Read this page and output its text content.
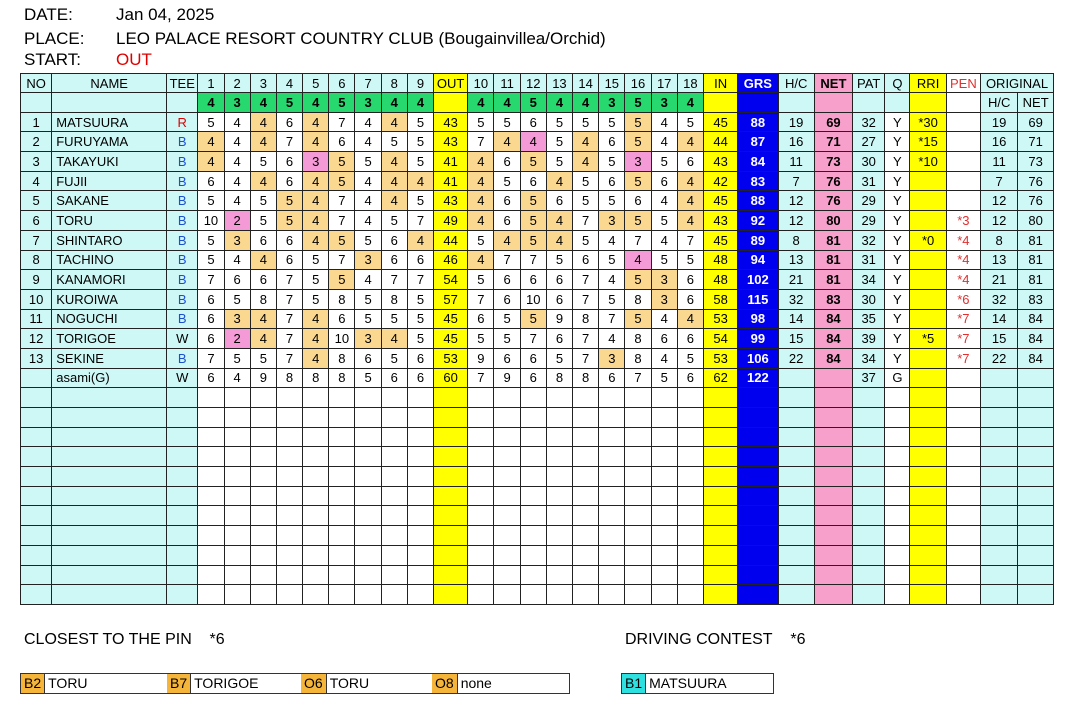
DATE:	Jan 04, 2025
PLACE: LEO PALACE RESORT COUNTRY CLUB (Bougainvillea/Orchid)
START: OUT
NO	NAME	TEE	1	2	3	4	5	6	7	8	9	OUT	10	11	12	13	14	15	16	17	18	IN	GRS	H/C	NET	PAT	Q	RRI	PEN	ORIGINAL	
			4	3	4	5	4	5	3	4	4		4	4	5	4	4	3	5	3	4									H/C	NET
1	MATSUURA	R	5	4	4	6	4	7	4	4	5	43	5	5	6	5	5	5	5	4	5	45	88	19	69	32	Y	*30		19	69
2	FURUYAMA	B	4	4	4	7	4	6	4	5	5	43	7	4	4	5	4	6	5	4	4	44	87	16	71	27	Y	*15		16	71
3	TAKAYUKI	B	4	4	5	6	3	5	5	4	5	41	4	6	5	5	4	5	3	5	6	43	84	11	73	30	Y	*10		11	73
4	FUJII	B	6	4	4	6	4	5	4	4	4	41	4	5	6	4	5	6	5	6	4	42	83	7	76	31	Y			7	76
5	SAKANE	B	5	4	5	5	4	7	4	4	5	43	4	6	5	6	5	5	6	4	4	45	88	12	76	29	Y			12	76
6	TORU	B	10	2	5	5	4	7	4	5	7	49	4	6	5	4	7	3	5	5	4	43	92	12	80	29	Y		*3	12	80
7	SHINTARO	B	5	3	6	6	4	5	5	6	4	44	5	4	5	4	5	4	7	4	7	45	89	8	81	32	Y	*0	*4	8	81
8	TACHINO	B	5	4	4	6	5	7	3	6	6	46	4	7	7	5	6	5	4	5	5	48	94	13	81	31	Y		*4	13	81
9	KANAMORI	B	7	6	6	7	5	5	4	7	7	54	5	6	6	6	7	4	5	3	6	48	102	21	81	34	Y		*4	21	81
10	KUROIWA	B	6	5	8	7	5	8	5	8	5	57	7	6	10	6	7	5	8	3	6	58	115	32	83	30	Y		*6	32	83
11	NOGUCHI	B	6	3	4	7	4	6	5	5	5	45	6	5	5	9	8	7	5	4	4	53	98	14	84	35	Y		*7	14	84
12	TORIGOE	W	6	2	4	7	4	10	3	4	5	45	5	5	7	6	7	4	8	6	6	54	99	15	84	39	Y	*5	*7	15	84
13	SEKINE	B	7	5	5	7	4	8	6	5	6	53	9	6	6	5	7	3	8	4	5	53	106	22	84	34	Y		*7	22	84
	asami(G)	W	6	4	9	8	8	8	5	6	6	60	7	9	6	8	8	6	7	5	6	62	122			37	G				

CLOSEST TO THE PIN *6	DRIVING CONTEST *6
B2 TORU	B7 TORIGOE	O6 TORU	O8 none	B1 MATSUURA
